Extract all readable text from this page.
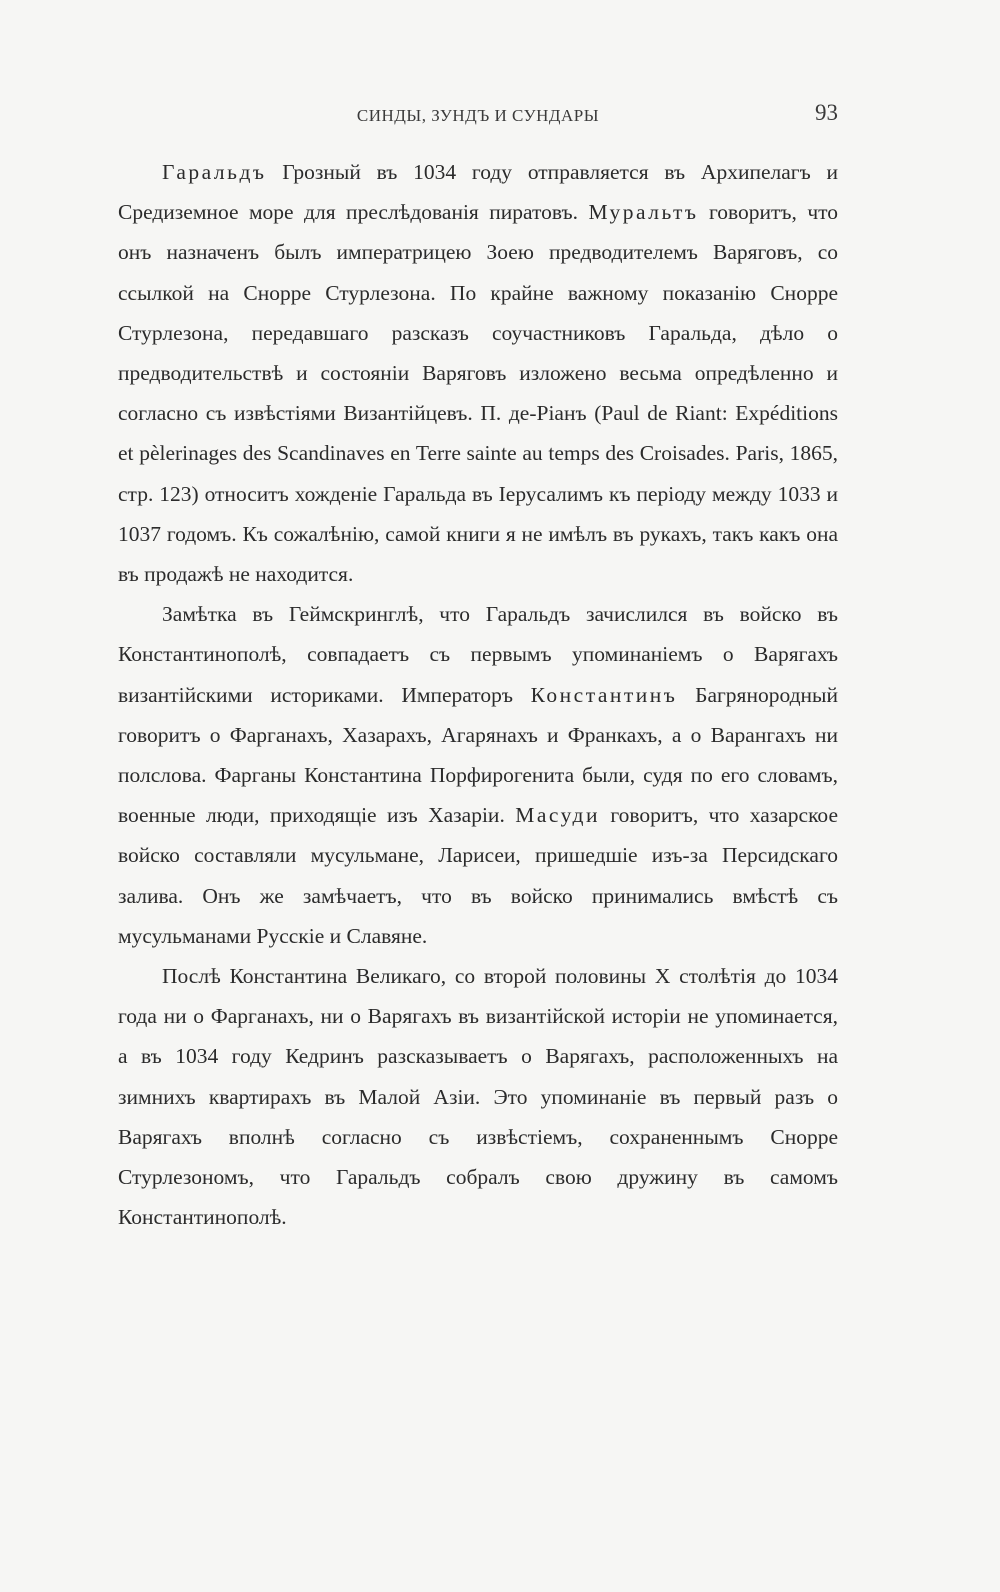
СИНДЫ, ЗУНДЪ И СУНДАРЫ	93

Гаральдъ Грозный въ 1034 году отправляется въ Архипелагъ и Средиземное море для преслѣдованія пиратовъ. Муральтъ говоритъ, что онъ назначенъ былъ императрицею Зоею предводителемъ Варяговъ, со ссылкой на Снорре Стурлезона. По крайне важному показанію Снорре Стурлезона, передавшаго разсказъ соучастниковъ Гаральда, дѣло о предводительствѣ и состояніи Варяговъ изложено весьма опредѣленно и согласно съ извѣстіями Византійцевъ. П. де-Ріанъ (Paul de Riant: Expéditions et pèlerinages des Scandinaves en Terre sainte au temps des Croisades. Paris, 1865, стр. 123) относитъ хожденіе Гаральда въ Іерусалимъ къ періоду между 1033 и 1037 годомъ. Къ сожалѣнію, самой книги я не имѣлъ въ рукахъ, такъ какъ она въ продажѣ не находится.

Замѣтка въ Геймскринглѣ, что Гаральдъ зачислился въ войско въ Константинополѣ, совпадаетъ съ первымъ упоминаніемъ о Варягахъ византійскими историками. Императоръ Константинъ Багрянородный говоритъ о Фарганахъ, Хазарахъ, Агарянахъ и Франкахъ, а о Варангахъ ни полслова. Фарганы Константина Порфирогенита были, судя по его словамъ, военные люди, приходящіе изъ Хазаріи. Масуди говоритъ, что хазарское войско составляли мусульмане, Ларисеи, пришедшіе изъ-за Персидскаго залива. Онъ же замѣчаетъ, что въ войско принимались вмѣстѣ съ мусульманами Русскіе и Славяне.

Послѣ Константина Великаго, со второй половины X столѣтія до 1034 года ни о Фарганахъ, ни о Варягахъ въ византійской исторіи не упоминается, а въ 1034 году Кедринъ разсказываетъ о Варягахъ, расположенныхъ на зимнихъ квартирахъ въ Малой Азіи. Это упоминаніе въ первый разъ о Варягахъ вполнѣ согласно съ извѣстіемъ, сохраненнымъ Снорре Стурлезономъ, что Гаральдъ собралъ свою дружину въ самомъ Константинополѣ.
